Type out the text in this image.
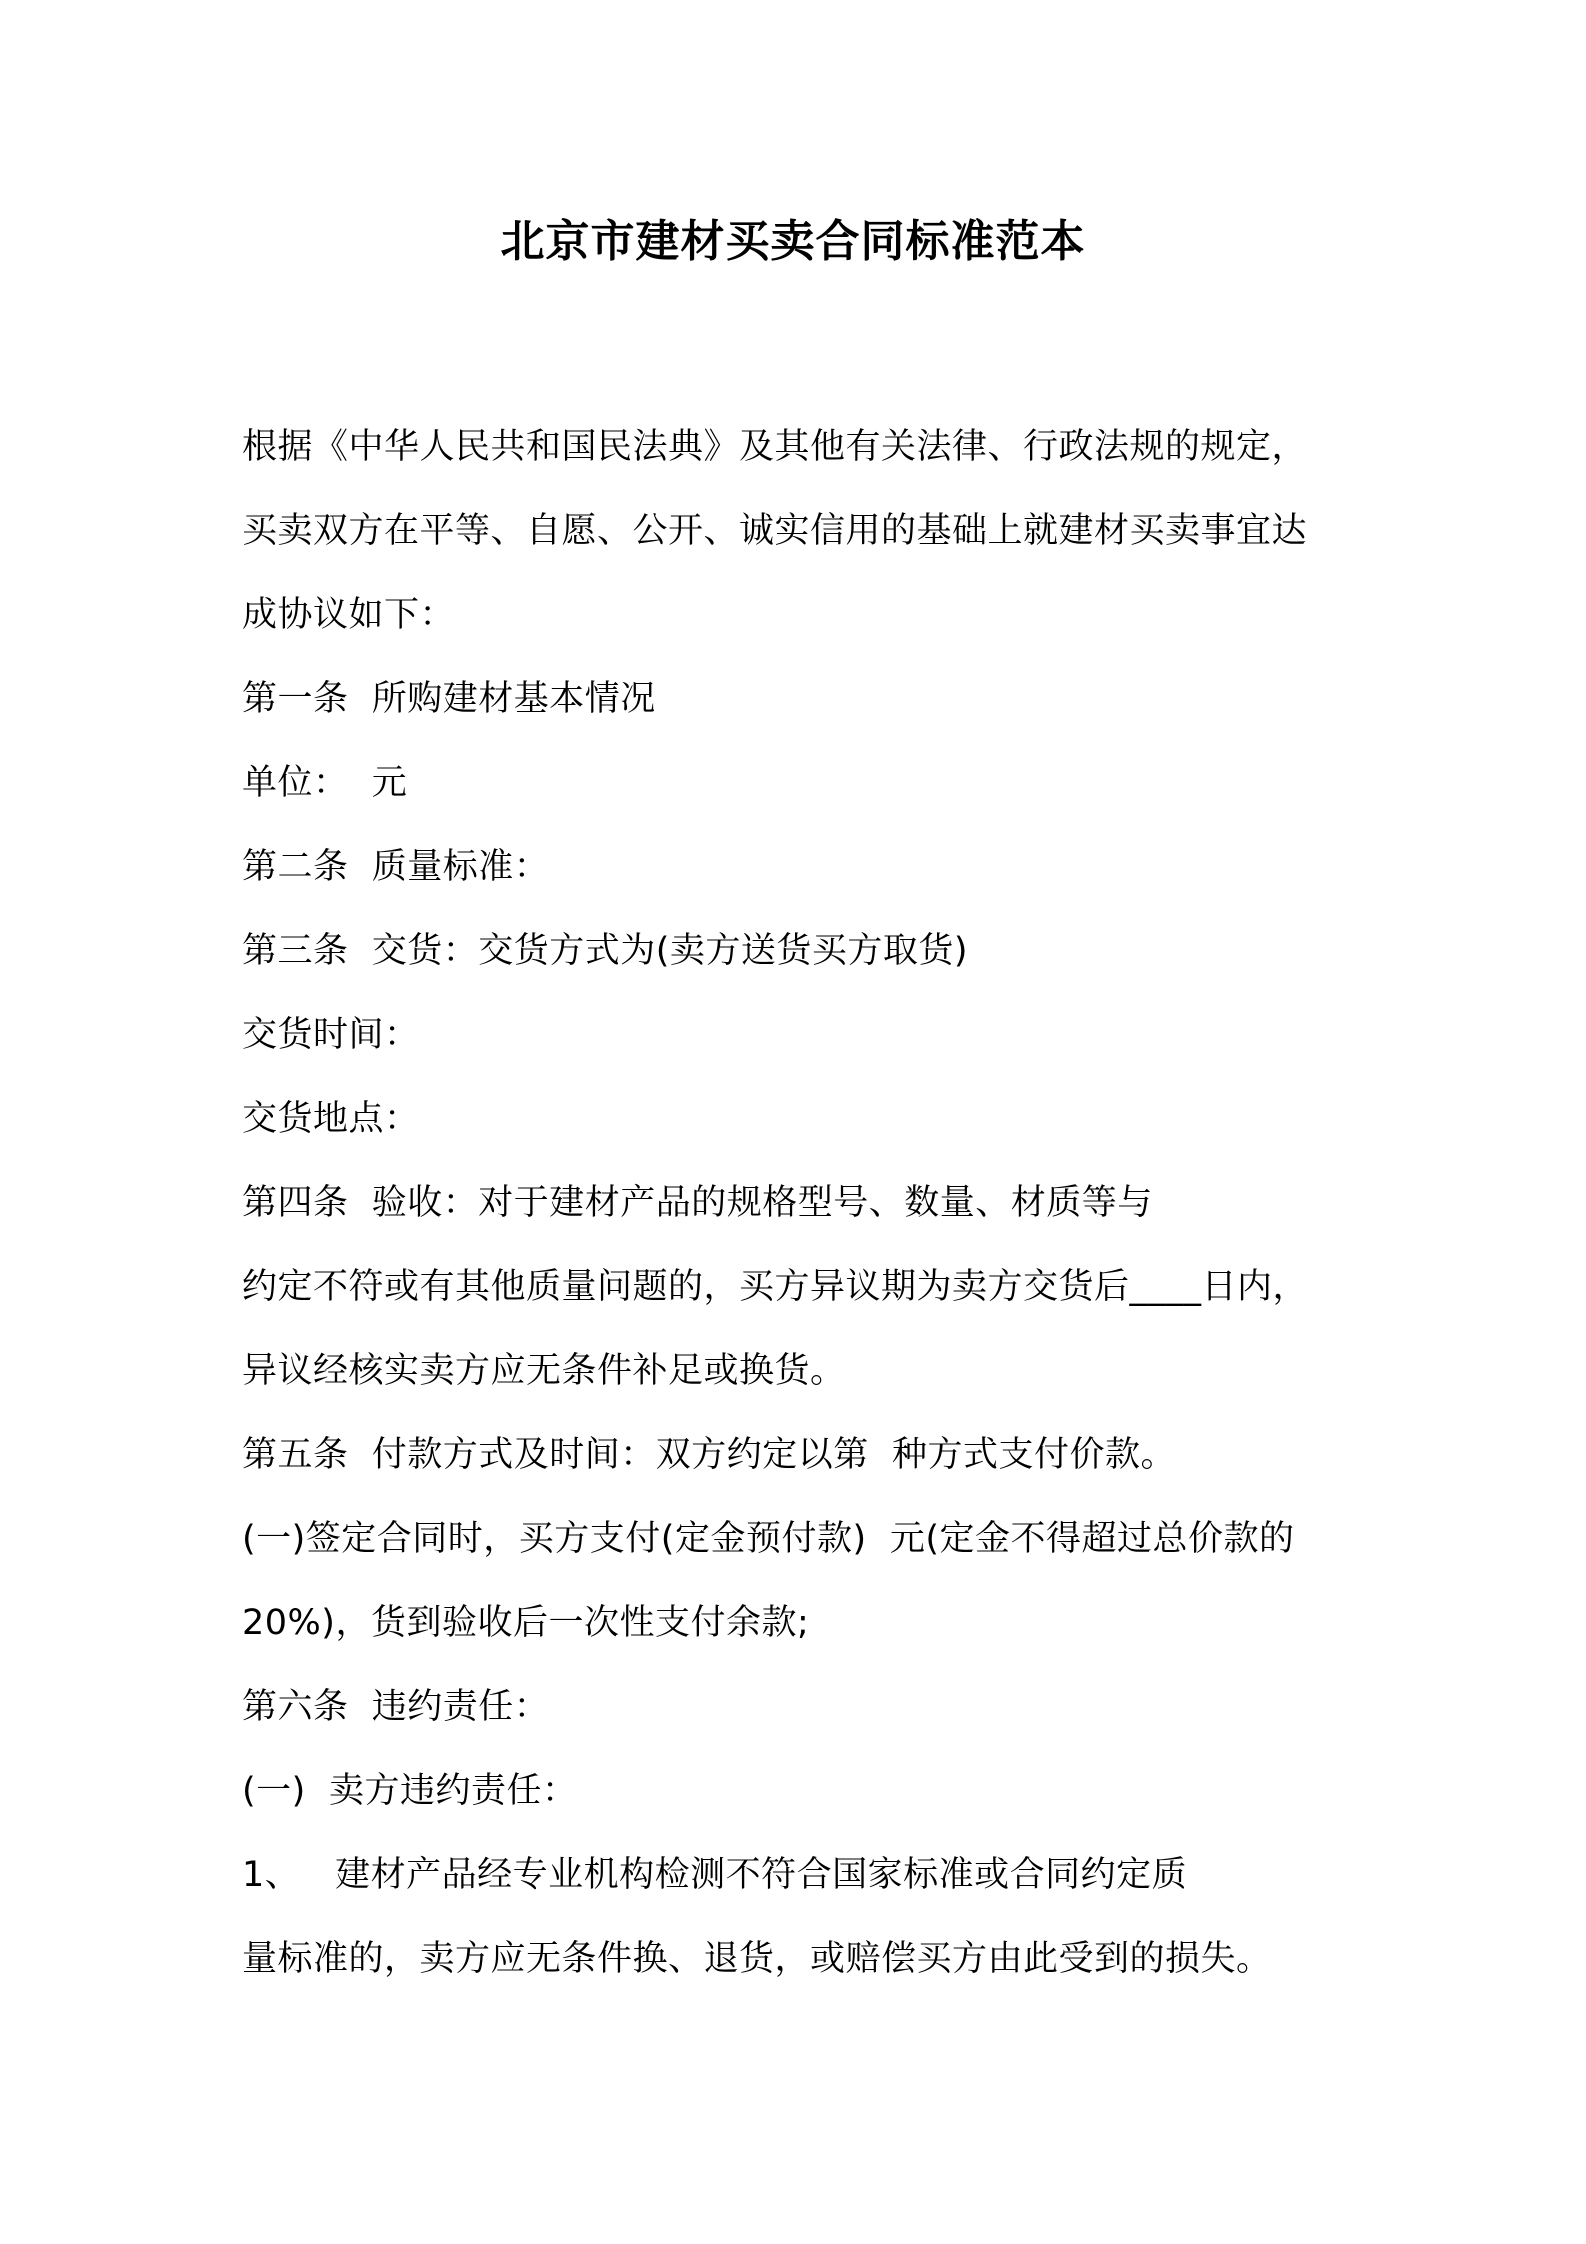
北京市建材买卖合同标准范本
根据《中华人民共和国民法典》及其他有关法律、行政法规的规定，
买卖双方在平等、自愿、公开、诚实信用的基础上就建材买卖事宜达
成协议如下：
第一条  所购建材基本情况
单位：  元
第二条  质量标准：
第三条  交货：交货方式为(卖方送货买方取货)
交货时间：
交货地点：
第四条  验收：对于建材产品的规格型号、数量、材质等与
约定不符或有其他质量问题的，买方异议期为卖方交货后____日内，
异议经核实卖方应无条件补足或换货。
第五条  付款方式及时间：双方约定以第  种方式支付价款。
(一)签定合同时，买方支付(定金预付款)  元(定金不得超过总价款的
20%)，货到验收后一次性支付余款;
第六条  违约责任：
(一)  卖方违约责任：
1、   建材产品经专业机构检测不符合国家标准或合同约定质
量标准的，卖方应无条件换、退货，或赔偿买方由此受到的损失。
